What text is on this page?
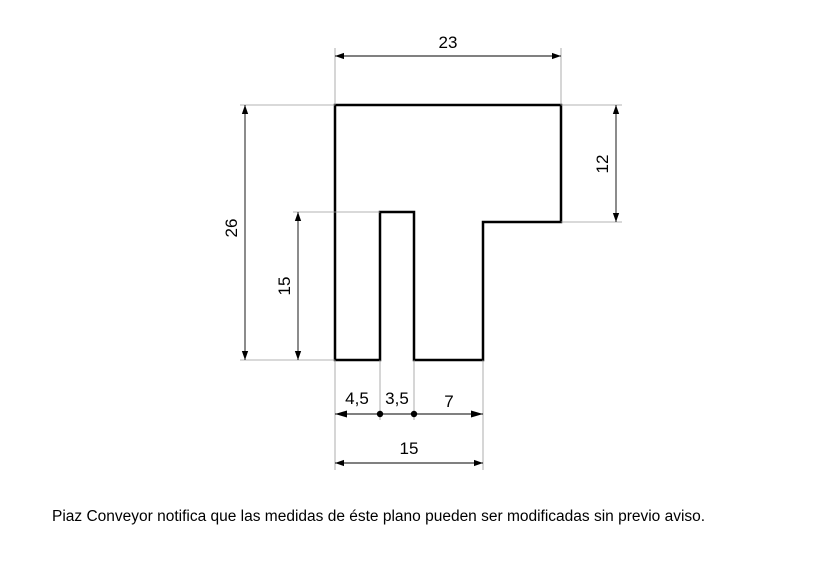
23
26
12
15
4,5 3,5 7
15
Piaz Conveyor notifica que las medidas de éste plano pueden ser modificadas sin previo aviso.
